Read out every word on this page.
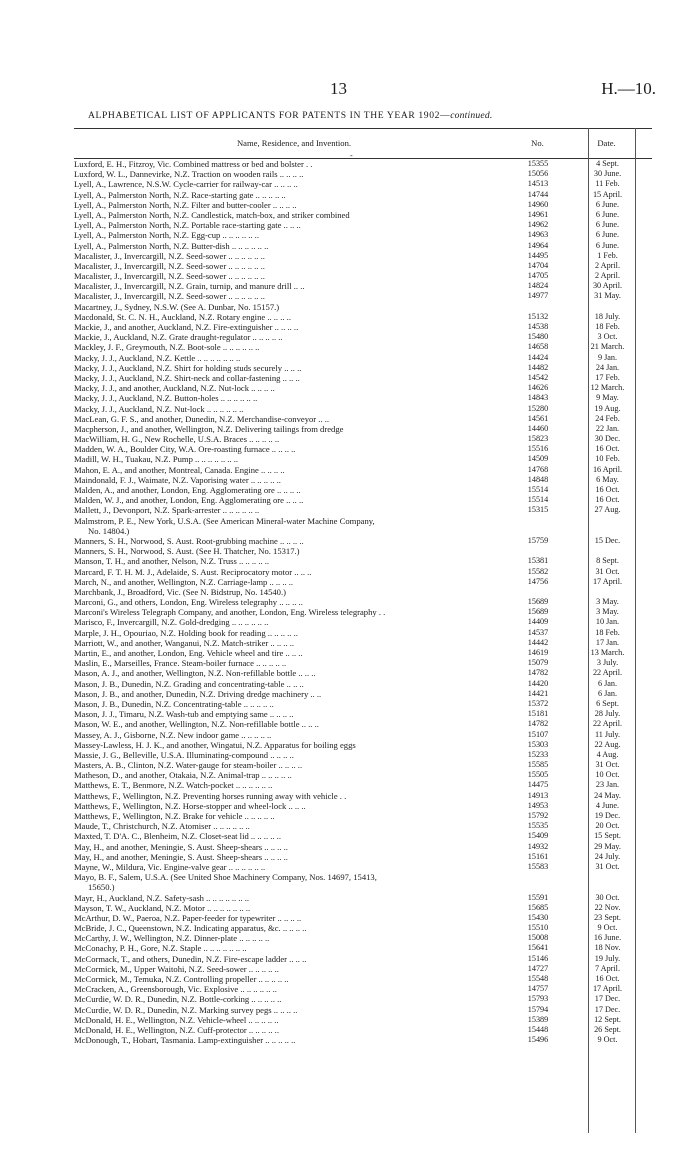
13	H.—10.
ALPHABETICAL LIST OF APPLICANTS FOR PATENTS IN THE YEAR 1902—continued.
Name, Residence, and Invention.	No.	Date.
-
Luxford, E. H., Fitzroy, Vic. Combined mattress or bed and bolster . .	15355	4 Sept.
Luxford, W. L., Dannevirke, N.Z. Traction on wooden rails .. .. .. ..	15056	30 June.
Lyell, A., Lawrence, N.S.W. Cycle-carrier for railway-car .. .. .. ..	14513	11 Feb.
Lyell, A., Palmerston North, N.Z. Race-starting gate .. .. .. .. ..	14744	15 April.
Lyell, A., Palmerston North, N.Z. Filter and butter-cooler .. .. .. ..	14960	6 June.
Lyell, A., Palmerston North, N.Z. Candlestick, match-box, and striker combined	14961	6 June.
Lyell, A., Palmerston North, N.Z. Portable race-starting gate .. .. ..	14962	6 June.
Lyell, A., Palmerston North, N.Z. Egg-cup .. .. .. .. .. ..	14963	6 June.
Lyell, A., Palmerston North, N.Z. Butter-dish .. .. .. .. .. ..	14964	6 June.
Macalister, J., Invercargill, N.Z. Seed-sower .. .. .. .. .. ..	14495	1 Feb.
Macalister, J., Invercargill, N.Z. Seed-sower .. .. .. .. .. ..	14704	2 April.
Macalister, J., Invercargill, N.Z. Seed-sower .. .. .. .. .. ..	14705	2 April.
Macalister, J., Invercargill, N.Z. Grain, turnip, and manure drill .. ..	14824	30 April.
Macalister, J., Invercargill, N.Z. Seed-sower .. .. .. .. .. ..	14977	31 May.
Macartney, J., Sydney, N.S.W. (See A. Dunbar, No. 15157.)
Macdonald, St. C. N. H., Auckland, N.Z. Rotary engine .. .. .. ..	15132	18 July.
Mackie, J., and another, Auckland, N.Z. Fire-extinguisher .. .. .. ..	14538	18 Feb.
Mackie, J., Auckland, N.Z. Grate draught-regulator .. .. .. .. ..	15480	3 Oct.
Mackley, J. F., Greymouth, N.Z. Boot-sole .. .. .. .. .. ..	14658	21 March.
Macky, J. J., Auckland, N.Z. Kettle .. .. .. .. .. .. ..	14424	9 Jan.
Macky, J. J., Auckland, N.Z. Shirt for holding studs securely .. .. ..	14482	24 Jan.
Macky, J. J., Auckland, N.Z. Shirt-neck and collar-fastening .. .. ..	14542	17 Feb.
Macky, J. J., and another, Auckland, N.Z. Nut-lock .. .. .. ..	14626	12 March.
Macky, J. J., Auckland, N.Z. Button-holes .. .. .. .. .. ..	14843	9 May.
Macky, J. J., Auckland, N.Z. Nut-lock .. .. .. .. .. ..	15280	19 Aug.
MacLean, G. F. S., and another, Dunedin, N.Z. Merchandise-conveyor .. ..	14561	24 Feb.
Macpherson, J., and another, Wellington, N.Z. Delivering tailings from dredge	14460	22 Jan.
MacWilliam, H. G., New Rochelle, U.S.A. Braces .. .. .. .. ..	15823	30 Dec.
Madden, W. A., Boulder City, W.A. Ore-roasting furnace .. .. .. ..	15516	16 Oct.
Madill, W. H., Tuakau, N.Z. Pump .. .. .. .. .. .. ..	14509	10 Feb.
Mahon, E. A., and another, Montreal, Canada. Engine .. .. .. ..	14768	16 April.
Maindonald, F. J., Waimate, N.Z. Vaporising water .. .. .. .. ..	14848	6 May.
Malden, A., and another, London, Eng. Agglomerating ore .. .. .. ..	15514	16 Oct.
Malden, W. J., and another, London, Eng. Agglomerating ore .. .. ..	15514	16 Oct.
Mallett, J., Devonport, N.Z. Spark-arrester .. .. .. .. .. ..	15315	27 Aug.
Malmstrom, P. E., New York, U.S.A. (See American Mineral-water Machine Company,
No. 14804.)
Manners, S. H., Norwood, S. Aust. Root-grubbing machine .. .. .. ..	15759	15 Dec.
Manners, S. H., Norwood, S. Aust. (See H. Thatcher, No. 15317.)
Manson, T. H., and another, Nelson, N.Z. Truss .. .. .. .. ..	15381	8 Sept.
Marcard, F. T. H. M. J., Adelaide, S. Aust. Reciprocatory motor .. .. ..	15582	31 Oct.
March, N., and another, Wellington, N.Z. Carriage-lamp .. .. .. ..	14756	17 April.
Marchbank, J., Broadford, Vic. (See N. Bidstrup, No. 14540.)
Marconi, G., and others, London, Eng. Wireless telegraphy .. .. .. ..	15689	3 May.
Marconi's Wireless Telegraph Company, and another, London, Eng. Wireless telegraphy . .	15689	3 May.
Marisco, F., Invercargill, N.Z. Gold-dredging .. .. .. .. .. ..	14409	10 Jan.
Marple, J. H., Opouriao, N.Z. Holding book for reading .. .. .. .. ..	14537	18 Feb.
Marriott, W., and another, Wanganui, N.Z. Match-striker .. .. .. ..	14442	17 Jan.
Martin, E., and another, London, Eng. Vehicle wheel and tire .. .. ..	14619	13 March.
Maslin, E., Marseilles, France. Steam-boiler furnace .. .. .. .. ..	15079	3 July.
Mason, A. J., and another, Wellington, N.Z. Non-refillable bottle .. .. ..	14782	22 April.
Mason, J. B., Dunedin, N.Z. Grading and concentrating-table .. .. ..	14420	6 Jan.
Mason, J. B., and another, Dunedin, N.Z. Driving dredge machinery .. ..	14421	6 Jan.
Mason, J. B., Dunedin, N.Z. Concentrating-table .. .. .. .. ..	15372	6 Sept.
Mason, J. J., Timaru, N.Z. Wash-tub and emptying same .. .. .. ..	15181	28 July.
Mason, W. E., and another, Wellington, N.Z. Non-refillable bottle .. .. ..	14782	22 April.
Massey, A. J., Gisborne, N.Z. New indoor game .. .. .. .. ..	15107	11 July.
Massey-Lawless, H. J. K., and another, Wingatui, N.Z. Apparatus for boiling eggs	15303	22 Aug.
Massie, J. G., Belleville, U.S.A. Illuminating-compound .. .. .. ..	15233	4 Aug.
Masters, A. B., Clinton, N.Z. Water-gauge for steam-boiler .. .. .. ..	15585	31 Oct.
Matheson, D., and another, Otakaia, N.Z. Animal-trap .. .. .. .. ..	15505	10 Oct.
Matthews, E. T., Benmore, N.Z. Watch-pocket .. .. .. .. .. ..	14475	23 Jan.
Matthews, F., Wellington, N.Z. Preventing horses running away with vehicle . .	14913	24 May.
Matthews, F., Wellington, N.Z. Horse-stopper and wheel-lock .. .. ..	14953	4 June.
Matthews, F., Wellington, N.Z. Brake for vehicle .. .. .. .. ..	15792	19 Dec.
Maude, T., Christchurch, N.Z. Atomiser .. .. .. .. .. ..	15535	20 Oct.
Maxted, T. D'A. C., Blenheim, N.Z. Closet-seat lid .. .. .. .. ..	15409	15 Sept.
May, H., and another, Meningie, S. Aust. Sheep-shears .. .. .. ..	14932	29 May.
May, H., and another, Meningie, S. Aust. Sheep-shears .. .. .. ..	15161	24 July.
Mayne, W., Mildura, Vic. Engine-valve gear .. .. .. .. .. ..	15583	31 Oct.
Mayo, B. F., Salem, U.S.A. (See United Shoe Machinery Company, Nos. 14697, 15413,
15650.)
Mayr, H., Auckland, N.Z. Safety-sash .. .. .. .. .. .. ..	15591	30 Oct.
Mayson, T. W., Auckland, N.Z. Motor .. .. .. .. .. .. ..	15685	22 Nov.
McArthur, D. W., Paeroa, N.Z. Paper-feeder for typewriter .. .. .. ..	15430	23 Sept.
McBride, J. C., Queenstown, N.Z. Indicating apparatus, &c. .. .. .. ..	15510	9 Oct.
McCarthy, J. W., Wellington, N.Z. Dinner-plate .. .. .. .. ..	15008	16 June.
McConachy, P. H., Gore, N.Z. Staple .. .. .. .. .. .. ..	15641	18 Nov.
McCormack, T., and others, Dunedin, N.Z. Fire-escape ladder .. .. ..	15146	19 July.
McCormick, M., Upper Waitohi, N.Z. Seed-sower .. .. .. .. ..	14727	7 April.
McCormick, M., Temuka, N.Z. Controlling propeller .. .. .. .. ..	15548	16 Oct.
McCracken, A., Greensborough, Vic. Explosive .. .. .. .. .. ..	14757	17 April.
McCurdie, W. D. R., Dunedin, N.Z. Bottle-corking .. .. .. .. ..	15793	17 Dec.
McCurdie, W. D. R., Dunedin, N.Z. Marking survey pegs .. .. .. ..	15794	17 Dec.
McDonald, H. E., Wellington, N.Z. Vehicle-wheel .. .. .. .. ..	15389	12 Sept.
McDonald, H. E., Wellington, N.Z. Cuff-protector .. .. .. .. ..	15448	26 Sept.
McDonough, T., Hobart, Tasmania. Lamp-extinguisher .. .. .. .. ..	15496	9 Oct.
